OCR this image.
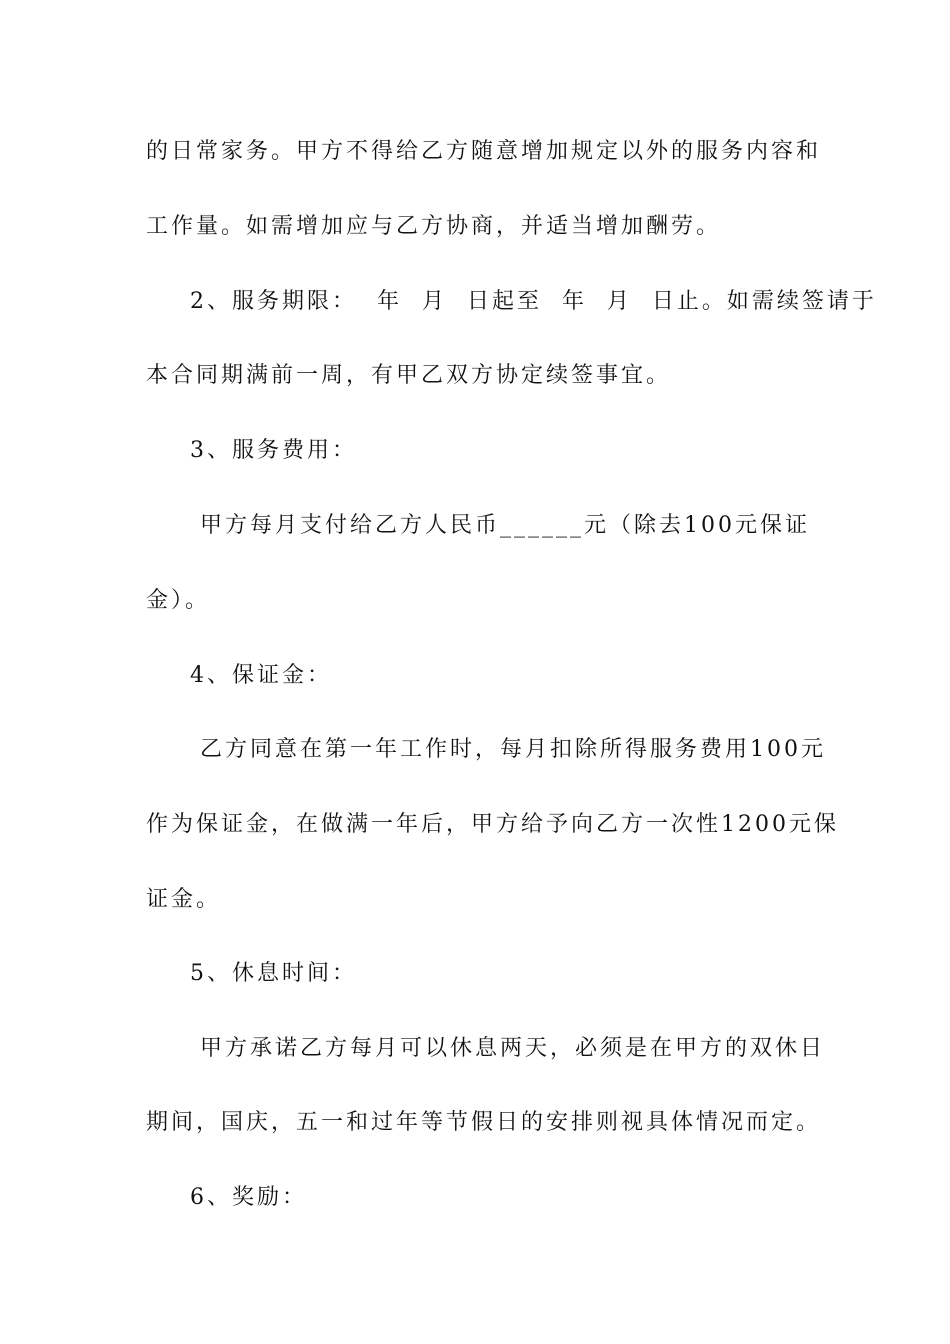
的日常家务。甲方不得给乙方随意增加规定以外的服务内容和
工作量。如需增加应与乙方协商，并适当增加酬劳。
2、服务期限：  年  月  日起至  年  月  日止。如需续签请于
本合同期满前一周，有甲乙双方协定续签事宜。
3、服务费用：
甲方每月支付给乙方人民币______元（除去100元保证
金）。
4、保证金：
乙方同意在第一年工作时，每月扣除所得服务费用100元
作为保证金，在做满一年后，甲方给予向乙方一次性1200元保
证金。
5、休息时间：
甲方承诺乙方每月可以休息两天，必须是在甲方的双休日
期间，国庆，五一和过年等节假日的安排则视具体情况而定。
6、奖励：
